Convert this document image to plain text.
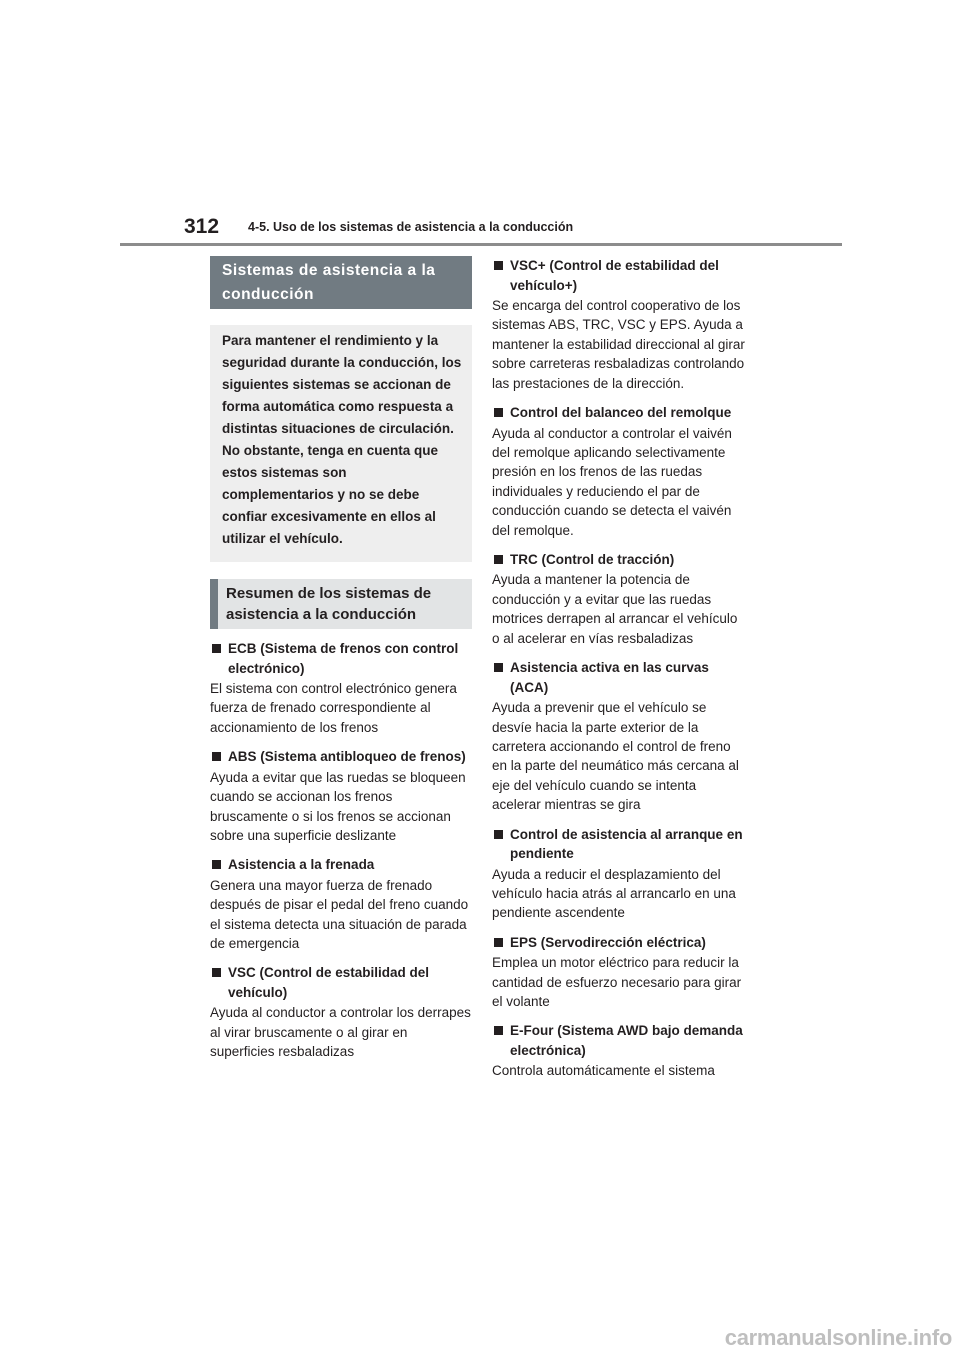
312 4-5. Uso de los sistemas de asistencia a la conducción
Sistemas de asistencia a la conducción
Para mantener el rendimiento y la seguridad durante la conducción, los siguientes sistemas se accionan de forma automática como respuesta a distintas situaciones de circulación. No obstante, tenga en cuenta que estos sistemas son complementarios y no se debe confiar excesivamente en ellos al utilizar el vehículo.
Resumen de los sistemas de asistencia a la conducción
ECB (Sistema de frenos con control electrónico)
El sistema con control electrónico genera fuerza de frenado correspondiente al accionamiento de los frenos
ABS (Sistema antibloqueo de frenos)
Ayuda a evitar que las ruedas se bloqueen cuando se accionan los frenos bruscamente o si los frenos se accionan sobre una superficie deslizante
Asistencia a la frenada
Genera una mayor fuerza de frenado después de pisar el pedal del freno cuando el sistema detecta una situación de parada de emergencia
VSC (Control de estabilidad del vehículo)
Ayuda al conductor a controlar los derrapes al virar bruscamente o al girar en superficies resbaladizas
VSC+ (Control de estabilidad del vehículo+)
Se encarga del control cooperativo de los sistemas ABS, TRC, VSC y EPS. Ayuda a mantener la estabilidad direccional al girar sobre carreteras resbaladizas controlando las prestaciones de la dirección.
Control del balanceo del remolque
Ayuda al conductor a controlar el vaivén del remolque aplicando selectivamente presión en los frenos de las ruedas individuales y reduciendo el par de conducción cuando se detecta el vaivén del remolque.
TRC (Control de tracción)
Ayuda a mantener la potencia de conducción y a evitar que las ruedas motrices derrapen al arrancar el vehículo o al acelerar en vías resbaladizas
Asistencia activa en las curvas (ACA)
Ayuda a prevenir que el vehículo se desvíe hacia la parte exterior de la carretera accionando el control de freno en la parte del neumático más cercana al eje del vehículo cuando se intenta acelerar mientras se gira
Control de asistencia al arranque en pendiente
Ayuda a reducir el desplazamiento del vehículo hacia atrás al arrancarlo en una pendiente ascendente
EPS (Servodirección eléctrica)
Emplea un motor eléctrico para reducir la cantidad de esfuerzo necesario para girar el volante
E-Four (Sistema AWD bajo demanda electrónica)
Controla automáticamente el sistema
carmanualsonline.info
